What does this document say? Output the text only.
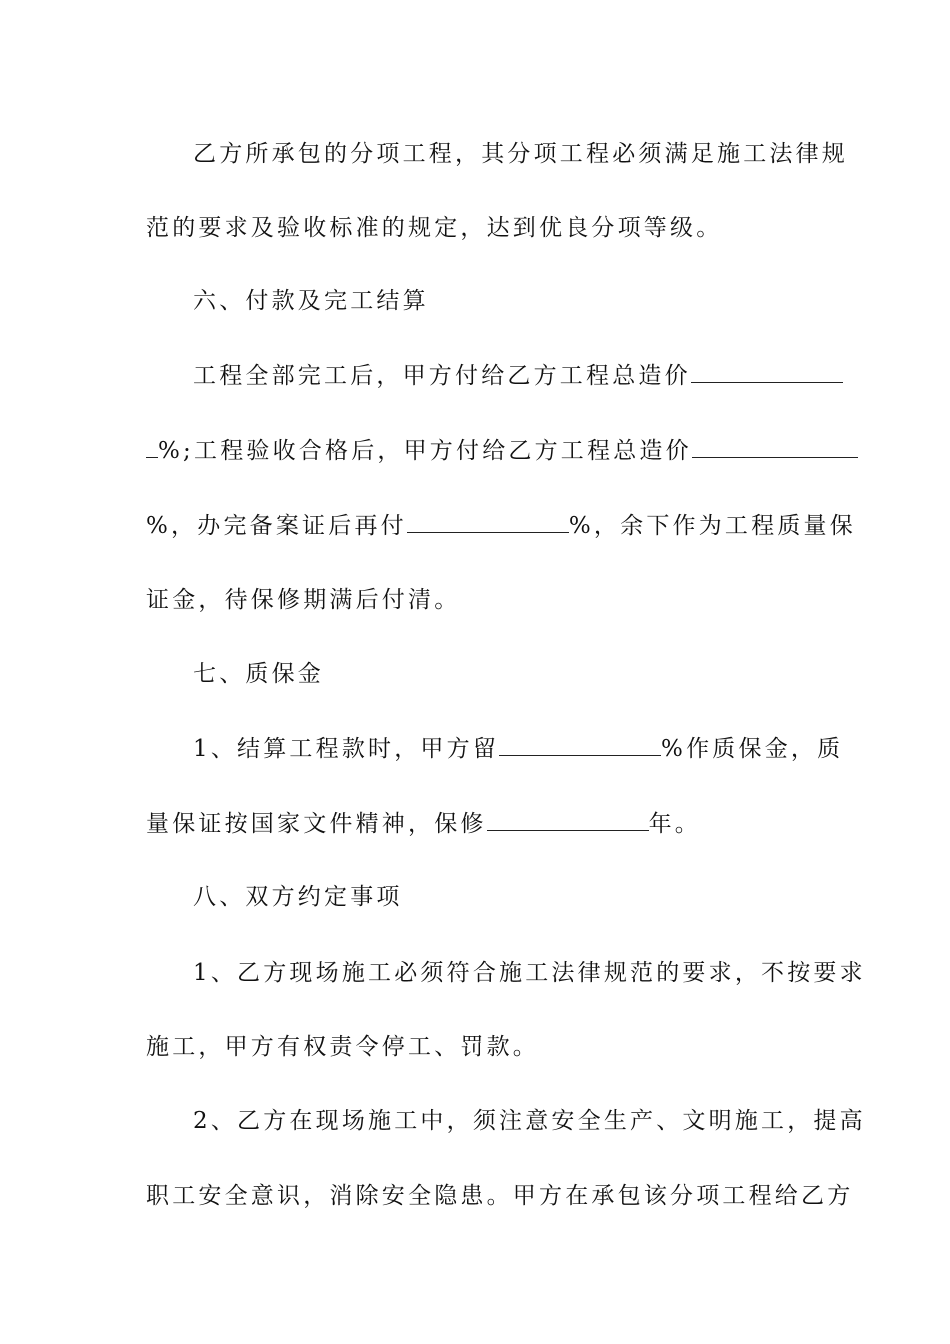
乙方所承包的分项工程，其分项工程必须满足施工法律规
范的要求及验收标准的规定，达到优良分项等级。
六、付款及完工结算
工程全部完工后，甲方付给乙方工程总造价
%;工程验收合格后，甲方付给乙方工程总造价
%，办完备案证后再付	%，余下作为工程质量保
证金，待保修期满后付清。
七、质保金
1、结算工程款时，甲方留	%作质保金，质
量保证按国家文件精神，保修	年。
八、双方约定事项
1、乙方现场施工必须符合施工法律规范的要求，不按要求
施工，甲方有权责令停工、罚款。
2、乙方在现场施工中，须注意安全生产、文明施工，提高
职工安全意识，消除安全隐患。甲方在承包该分项工程给乙方
